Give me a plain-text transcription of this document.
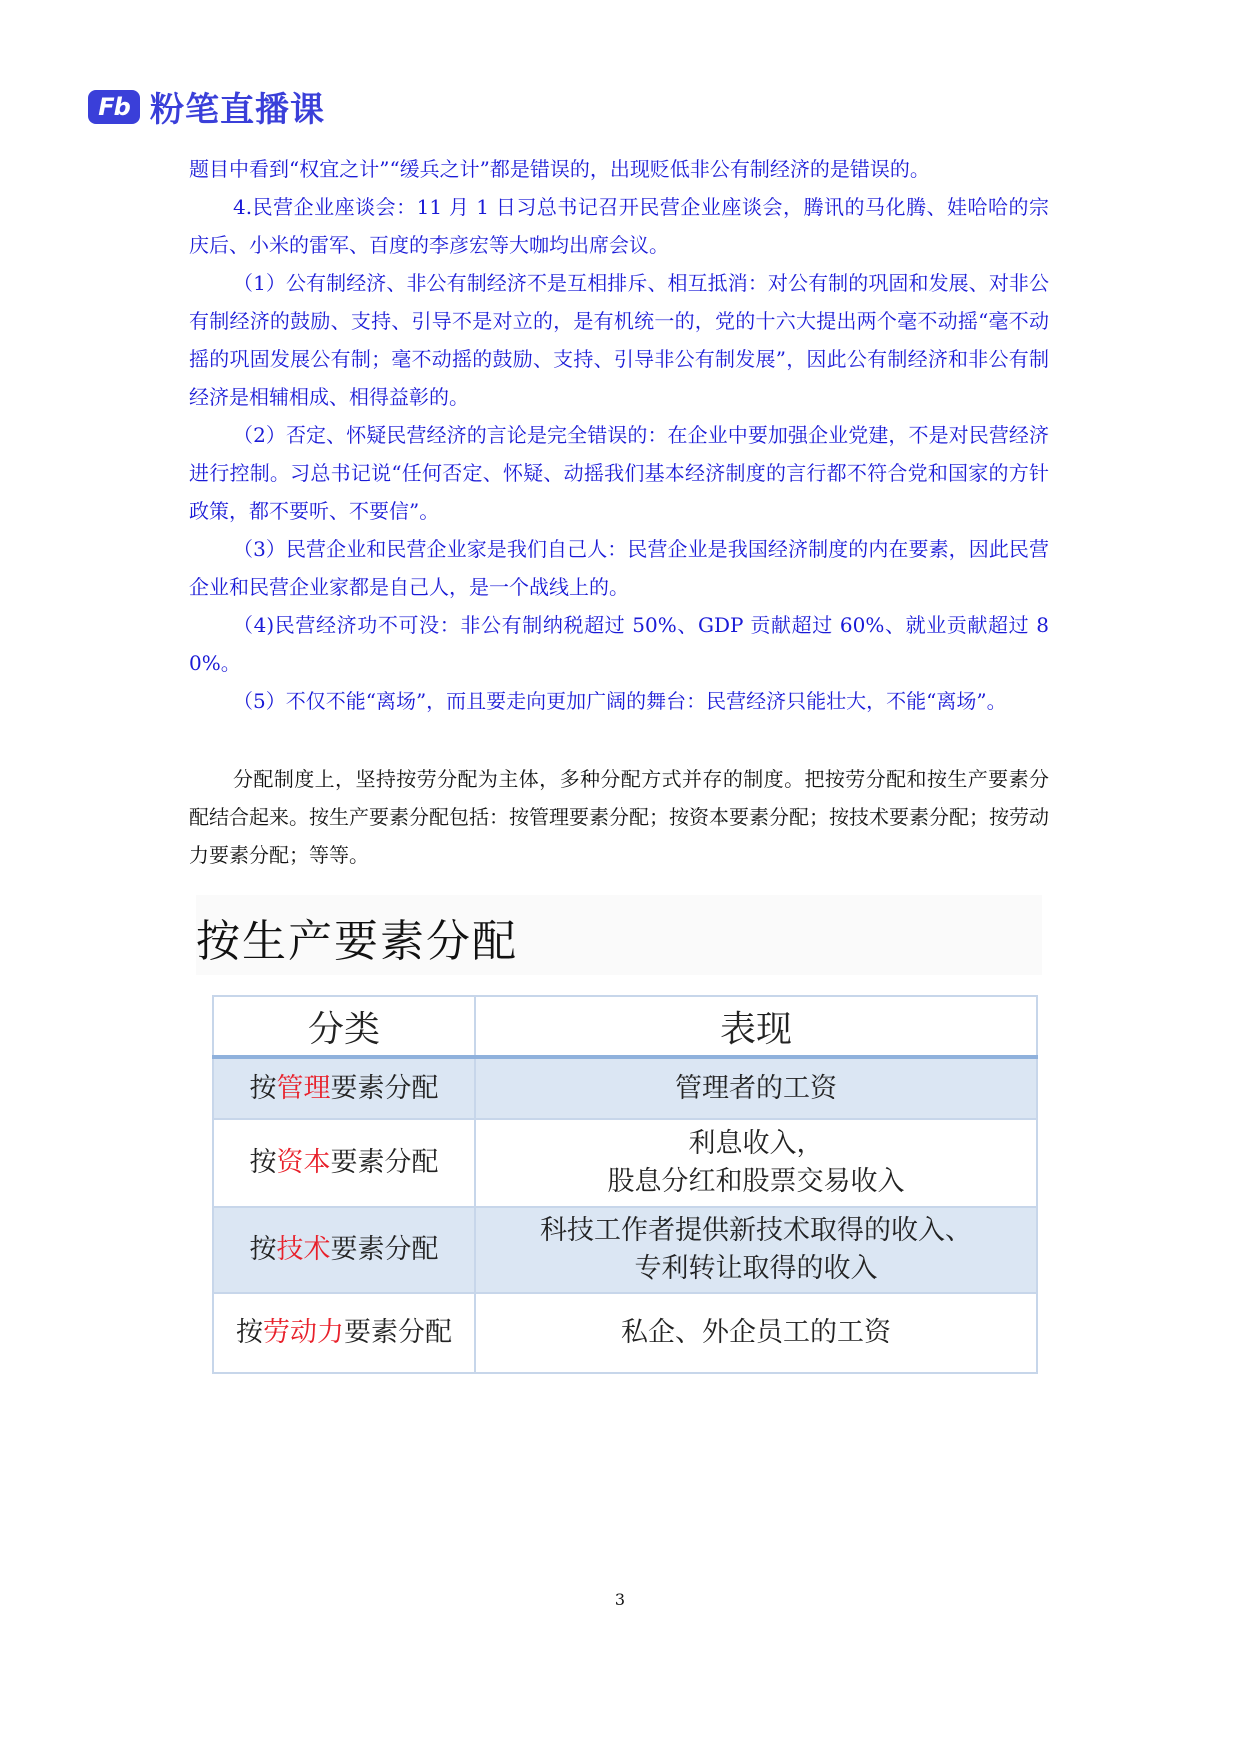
Fb 粉笔直播课

题目中看到“权宜之计”“缓兵之计”都是错误的，出现贬低非公有制经济的是错误的。

4.民营企业座谈会：11 月 1 日习总书记召开民营企业座谈会，腾讯的马化腾、娃哈哈的宗庆后、小米的雷军、百度的李彦宏等大咖均出席会议。

（1）公有制经济、非公有制经济不是互相排斥、相互抵消：对公有制的巩固和发展、对非公有制经济的鼓励、支持、引导不是对立的，是有机统一的，党的十六大提出两个毫不动摇“毫不动摇的巩固发展公有制；毫不动摇的鼓励、支持、引导非公有制发展”，因此公有制经济和非公有制经济是相辅相成、相得益彰的。

（2）否定、怀疑民营经济的言论是完全错误的：在企业中要加强企业党建，不是对民营经济进行控制。习总书记说“任何否定、怀疑、动摇我们基本经济制度的言行都不符合党和国家的方针政策，都不要听、不要信”。

（3）民营企业和民营企业家是我们自己人：民营企业是我国经济制度的内在要素，因此民营企业和民营企业家都是自己人，是一个战线上的。

（4)民营经济功不可没：非公有制纳税超过 50%、GDP 贡献超过 60%、就业贡献超过 80%。

（5）不仅不能“离场”，而且要走向更加广阔的舞台：民营经济只能壮大，不能“离场”。

分配制度上，坚持按劳分配为主体，多种分配方式并存的制度。把按劳分配和按生产要素分配结合起来。按生产要素分配包括：按管理要素分配；按资本要素分配；按技术要素分配；按劳动力要素分配；等等。

按生产要素分配
分类	表现
按管理要素分配	管理者的工资

按资本要素分配	利息收入，
股息分红和股票交易收入

按技术要素分配	科技工作者提供新技术取得的收入、
专利转让取得的收入

按劳动力要素分配	私企、外企员工的工资
3
